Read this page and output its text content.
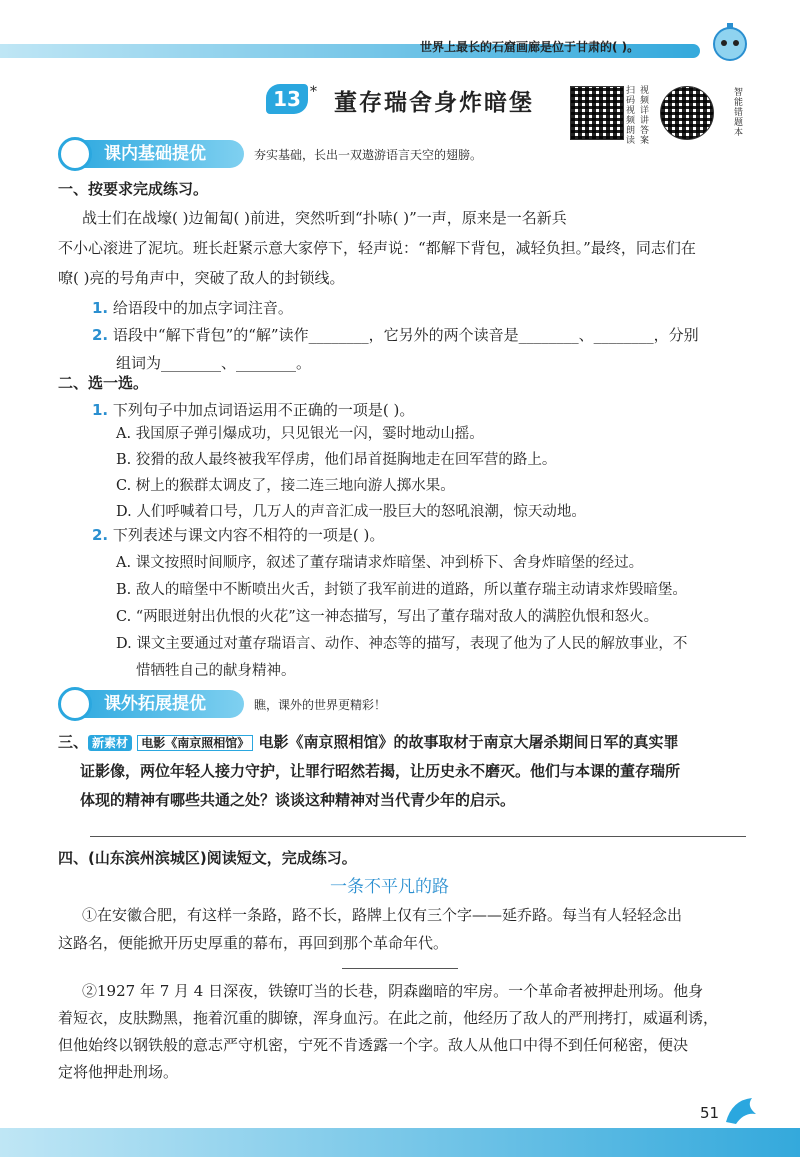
世界上最长的石窟画廊是位于甘肃的( )。
13 * 董存瑞舍身炸暗堡	扫码视频朗读
视频详讲答案
智能错题本
课内基础提优	夯实基础，长出一双遨游语言天空的翅膀。
一、按要求完成练习。
战士们在战壕( )边匍匐( )前进，突然听到“扑哧( )”一声，原来是一名新兵
不小心滚进了泥坑。班长赶紧示意大家停下，轻声说：“都解下背包，减轻负担。”最终，同志们在
嘹( )亮的号角声中，突破了敌人的封锁线。
1. 给语段中的加点字词注音。
2. 语段中“解下背包”的“解”读作________，它另外的两个读音是________、________，分别
组词为________、________。
二、选一选。
1. 下列句子中加点词语运用不正确的一项是( )。
A. 我国原子弹引爆成功，只见银光一闪，霎时地动山摇。
B. 狡猾的敌人最终被我军俘虏，他们昂首挺胸地走在回军营的路上。
C. 树上的猴群太调皮了，接二连三地向游人掷水果。
D. 人们呼喊着口号，几万人的声音汇成一股巨大的怒吼浪潮，惊天动地。
2. 下列表述与课文内容不相符的一项是( )。
A. 课文按照时间顺序，叙述了董存瑞请求炸暗堡、冲到桥下、舍身炸暗堡的经过。
B. 敌人的暗堡中不断喷出火舌，封锁了我军前进的道路，所以董存瑞主动请求炸毁暗堡。
C. “两眼迸射出仇恨的火花”这一神态描写，写出了董存瑞对敌人的满腔仇恨和怒火。
D. 课文主要通过对董存瑞语言、动作、神态等的描写，表现了他为了人民的解放事业，不
惜牺牲自己的献身精神。
课外拓展提优	瞧，课外的世界更精彩！
三、 新素材 电影《南京照相馆》 电影《南京照相馆》的故事取材于南京大屠杀期间日军的真实罪
证影像，两位年轻人接力守护，让罪行昭然若揭，让历史永不磨灭。他们与本课的董存瑞所
体现的精神有哪些共通之处？谈谈这种精神对当代青少年的启示。
四、(山东滨州滨城区)阅读短文，完成练习。
一条不平凡的路
①在安徽合肥，有这样一条路，路不长，路牌上仅有三个字——延乔路。每当有人轻轻念出
这路名，便能掀开历史厚重的幕布，再回到那个革命年代。
②1927 年 7 月 4 日深夜，铁镣叮当的长巷，阴森幽暗的牢房。一个革命者被押赴刑场。他身
着短衣，皮肤黝黑，拖着沉重的脚镣，浑身血污。在此之前，他经历了敌人的严刑拷打，威逼利诱，
但他始终以钢铁般的意志严守机密，宁死不肯透露一个字。敌人从他口中得不到任何秘密，便决
定将他押赴刑场。
51
